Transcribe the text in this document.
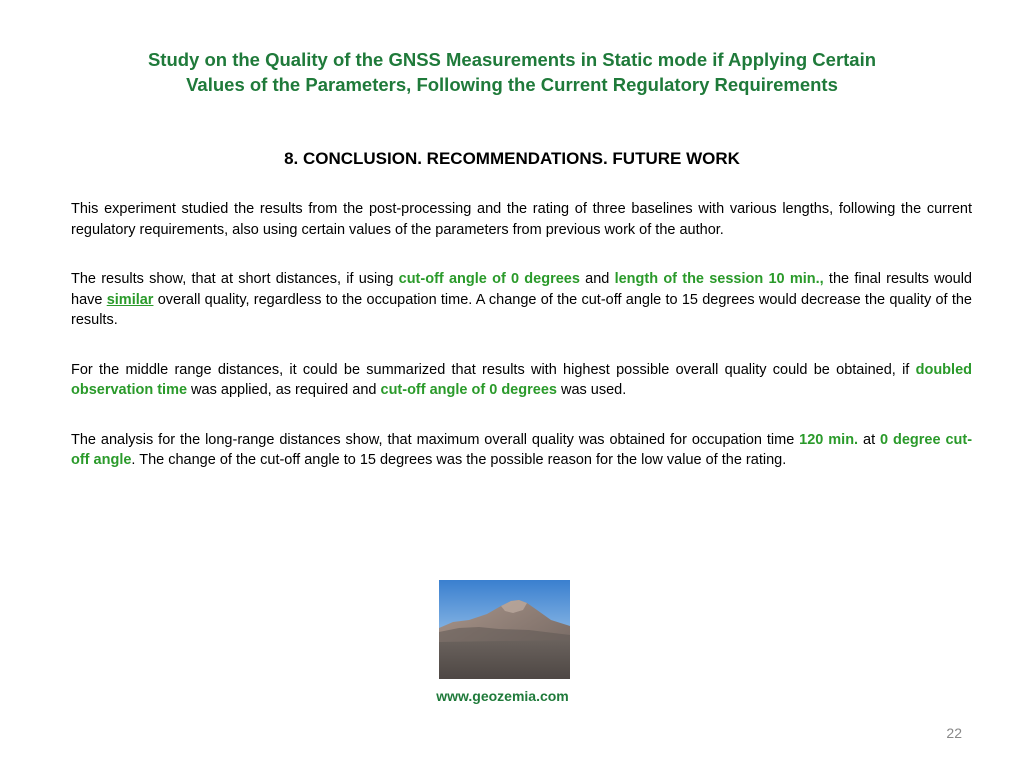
Study on the Quality of the GNSS Measurements in Static mode if Applying Certain
Values of the Parameters, Following the Current Regulatory Requirements
8. CONCLUSION. RECOMMENDATIONS. FUTURE WORK

This experiment studied the results from the post-processing and the rating of three baselines with various lengths, following the current regulatory requirements, also using certain values of the parameters from previous work of the author.

The results show, that at short distances, if using cut-off angle of 0 degrees and length of the session 10 min., the final results would have similar overall quality, regardless to the occupation time. A change of the cut-off angle to 15 degrees would decrease the quality of the results.

For the middle range distances, it could be summarized that results with highest possible overall quality could be obtained, if doubled observation time was applied, as required and cut-off angle of 0 degrees was used.

The analysis for the long-range distances show, that maximum overall quality was obtained for occupation time 120 min. at 0 degree cut-off angle. The change of the cut-off angle to 15 degrees was the possible reason for the low value of the rating.

www.geozemia.com
22
